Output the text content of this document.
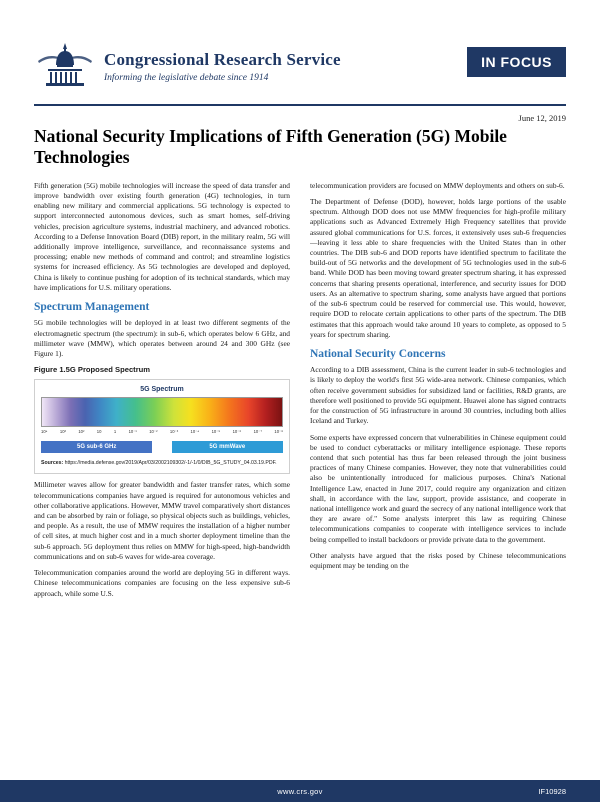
Congressional Research Service
Informing the legislative debate since 1914
IN FOCUS
June 12, 2019
National Security Implications of Fifth Generation (5G) Mobile Technologies

Fifth generation (5G) mobile technologies will increase the speed of data transfer and improve bandwidth over existing fourth generation (4G) technologies, in turn enabling new military and commercial applications. 5G technology is expected to support interconnected autonomous devices, such as smart homes, self-driving vehicles, precision agriculture systems, industrial machinery, and advanced robotics. According to a Defense Innovation Board (DIB) report, in the military realm, 5G will additionally improve intelligence, surveillance, and reconnaissance systems and processing; enable new methods of command and control; and streamline logistics systems for increased efficiency. As 5G technologies are developed and deployed, China is likely to continue pushing for adoption of its technical standards, which may have implications for U.S. military operations.

Spectrum Management

5G mobile technologies will be deployed in at least two different segments of the electromagnetic spectrum (the spectrum): in sub-6, which operates below 6 GHz, and millimeter wave (MMW), which operates between around 24 and 300 GHz (see Figure 1).

Figure 1.5G Proposed Spectrum
5G Spectrum
10⁴	10³	10²	10	1	10⁻¹	10⁻²	10⁻³	10⁻⁴	10⁻⁵	10⁻⁶	10⁻⁷	10⁻⁸
5G sub-6 GHz	5G mmWave
Sources: https://media.defense.gov/2019/Apr/03/2002109302/-1/-1/0/DIB_5G_STUDY_04.03.19.PDF.

Millimeter waves allow for greater bandwidth and faster transfer rates, which some telecommunications companies have argued is required for autonomous vehicles and other collaborative applications. However, MMW travel comparatively short distances and can be absorbed by rain or foliage, so physical objects such as buildings, vehicles, and people. As a result, the use of MMW requires the installation of a higher number of cell sites, at much higher cost and in a much shorter deployment timeline than the sub-6 approach. 5G deployment thus relies on MMW for high-speed, high-bandwidth communications and on sub-6 waves for wide-area coverage.

Telecommunication companies around the world are deploying 5G in different ways. Chinese telecommunications companies are focusing on the less expensive sub-6 approach, while some U.S.

telecommunication providers are focused on MMW deployments and others on sub-6.

The Department of Defense (DOD), however, holds large portions of the usable spectrum. Although DOD does not use MMW frequencies for high-profile military applications such as Advanced Extremely High Frequency satellites that provide assured global communications for U.S. forces, it extensively uses sub-6 frequencies—leaving it less able to share frequencies with the United States than in other countries. The DIB sub-6 and DOD reports have identified spectrum to facilitate the build-out of 5G networks and the development of 5G technologies used in the sub-6 band. While DOD has been moving toward greater spectrum sharing, it has expressed concerns that sharing presents operational, interference, and security issues for DOD users. As an alternative to spectrum sharing, some analysts have argued that portions of the sub-6 spectrum could be reserved for commercial use. This would, however, require DOD to relocate certain applications to other parts of the spectrum. The DIB estimates that this approach would take around 10 years to complete, as opposed to 5 years for spectrum sharing.

National Security Concerns

According to a DIB assessment, China is the current leader in sub-6 technologies and is likely to deploy the world's first 5G wide-area network. Chinese companies, which often receive government subsidies for subsidized land or facilities, R&D grants, are therefore well positioned to provide 5G equipment. Huawei alone has signed contracts for the construction of 5G infrastructure in around 30 countries, including both allies Iceland and Turkey.

Some experts have expressed concern that vulnerabilities in Chinese equipment could be used to conduct cyberattacks or military intelligence espionage. These reports contend that such potential has thus far been released through the joint business practices of many Chinese companies. However, they note that vulnerabilities could also be unintentionally introduced for malicious purposes. China's National Intelligence Law, enacted in June 2017, could require any organization and citizen shall, in accordance with the law, support, provide assistance, and cooperate in national intelligence work and guard the secrecy of any national intelligence work that they are aware of." Some analysts interpret this law as requiring Chinese telecommunications companies to cooperate with intelligence services to include being compelled to install backdoors or provide private data to the government.

Other analysts have argued that the risks posed by Chinese telecommunications equipment may be tending on the

www.crs.gov	IF10928
